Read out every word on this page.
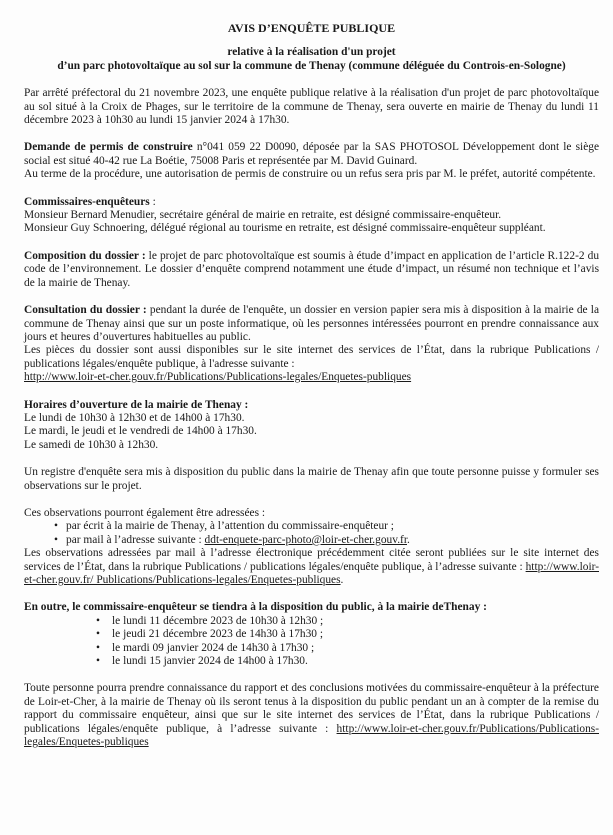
AVIS D’ENQUÊTE PUBLIQUE
relative à la réalisation d'un projet
d’un parc photovoltaïque au sol sur la commune de Thenay (commune déléguée du Controis-en-Sologne)

Par arrêté préfectoral du 21 novembre 2023, une enquête publique relative à la réalisation d'un projet de parc photovoltaïque au sol situé à la Croix de Phages, sur le territoire de la commune de Thenay, sera ouverte en mairie de Thenay du lundi 11 décembre 2023 à 10h30 au lundi 15 janvier 2024 à 17h30.

Demande de permis de construire n°041 059 22 D0090, déposée par la SAS PHOTOSOL Développement dont le siège social est situé 40-42 rue La Boétie, 75008 Paris et représentée par M. David Guinard.

Au terme de la procédure, une autorisation de permis de construire ou un refus sera pris par M. le préfet, autorité compétente.

Commissaires-enquêteurs :

Monsieur Bernard Menudier, secrétaire général de mairie en retraite, est désigné commissaire-enquêteur.

Monsieur Guy Schnoering, délégué régional au tourisme en retraite, est désigné commissaire-enquêteur suppléant.

Composition du dossier : le projet de parc photovoltaïque est soumis à étude d’impact en application de l’article R.122-2 du code de l’environnement. Le dossier d’enquête comprend notamment une étude d’impact, un résumé non technique et l’avis de la mairie de Thenay.

Consultation du dossier : pendant la durée de l'enquête, un dossier en version papier sera mis à disposition à la mairie de la commune de Thenay ainsi que sur un poste informatique, où les personnes intéressées pourront en prendre connaissance aux jours et heures d’ouvertures habituelles au public.

Les pièces du dossier sont aussi disponibles sur le site internet des services de l’État, dans la rubrique Publications / publications légales/enquête publique, à l'adresse suivante :

http://www.loir-et-cher.gouv.fr/Publications/Publications-legales/Enquetes-publiques

Horaires d’ouverture de la mairie de Thenay :

Le lundi de 10h30 à 12h30 et de 14h00 à 17h30.

Le mardi, le jeudi et le vendredi de 14h00 à 17h30.

Le samedi de 10h30 à 12h30.

Un registre d'enquête sera mis à disposition du public dans la mairie de Thenay afin que toute personne puisse y formuler ses observations sur le projet.

Ces observations pourront également être adressées :

• par écrit à la mairie de Thenay, à l’attention du commissaire-enquêteur ;
• par mail à l’adresse suivante : ddt-enquete-parc-photo@loir-et-cher.gouv.fr.

Les observations adressées par mail à l’adresse électronique précédemment citée seront publiées sur le site internet des services de l’État, dans la rubrique Publications / publications légales/enquête publique, à l’adresse suivante : http://www.loir-et-cher.gouv.fr/ Publications/Publications-legales/Enquetes-publiques.

En outre, le commissaire-enquêteur se tiendra à la disposition du public, à la mairie deThenay :

• le lundi 11 décembre 2023 de 10h30 à 12h30 ;
• le jeudi 21 décembre 2023 de 14h30 à 17h30 ;
• le mardi 09 janvier 2024 de 14h30 à 17h30 ;
• le lundi 15 janvier 2024 de 14h00 à 17h30.

Toute personne pourra prendre connaissance du rapport et des conclusions motivées du commissaire-enquêteur à la préfecture de Loir-et-Cher, à la mairie de Thenay où ils seront tenus à la disposition du public pendant un an à compter de la remise du rapport du commissaire enquêteur, ainsi que sur le site internet des services de l’État, dans la rubrique Publications / publications légales/enquête publique, à l’adresse suivante : http://www.loir-et-cher.gouv.fr/Publications/Publications-legales/Enquetes-publiques
